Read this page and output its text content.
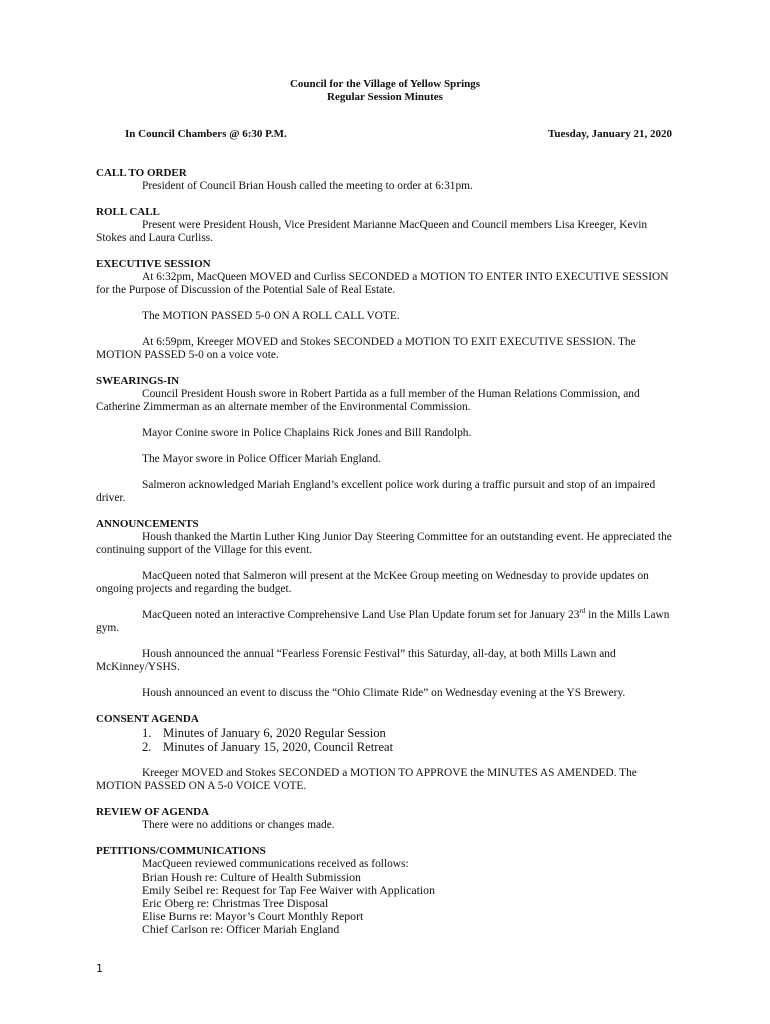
Council for the Village of Yellow Springs
Regular Session Minutes
In Council Chambers @ 6:30 P.M.	Tuesday, January 21, 2020
CALL TO ORDER

President of Council Brian Housh called the meeting to order at 6:31pm.

ROLL CALL

Present were President Housh, Vice President Marianne MacQueen and Council members Lisa Kreeger, Kevin Stokes and Laura Curliss.

EXECUTIVE SESSION

At 6:32pm, MacQueen MOVED and Curliss SECONDED a MOTION TO ENTER INTO EXECUTIVE SESSION for the Purpose of Discussion of the Potential Sale of Real Estate.

The MOTION PASSED 5-0 ON A ROLL CALL VOTE.

At 6:59pm, Kreeger MOVED and Stokes SECONDED a MOTION TO EXIT EXECUTIVE SESSION. The MOTION PASSED 5-0 on a voice vote.

SWEARINGS-IN

Council President Housh swore in Robert Partida as a full member of the Human Relations Commission, and Catherine Zimmerman as an alternate member of the Environmental Commission.

Mayor Conine swore in Police Chaplains Rick Jones and Bill Randolph.

The Mayor swore in Police Officer Mariah England.

Salmeron acknowledged Mariah England’s excellent police work during a traffic pursuit and stop of an impaired driver.

ANNOUNCEMENTS

Housh thanked the Martin Luther King Junior Day Steering Committee for an outstanding event. He appreciated the continuing support of the Village for this event.

MacQueen noted that Salmeron will present at the McKee Group meeting on Wednesday to provide updates on ongoing projects and regarding the budget.

MacQueen noted an interactive Comprehensive Land Use Plan Update forum set for January 23rd in the Mills Lawn gym.

Housh announced the annual “Fearless Forensic Festival” this Saturday, all-day, at both Mills Lawn and McKinney/YSHS.

Housh announced an event to discuss the “Ohio Climate Ride” on Wednesday evening at the YS Brewery.

CONSENT AGENDA
1. Minutes of January 6, 2020 Regular Session
2. Minutes of January 15, 2020, Council Retreat

Kreeger MOVED and Stokes SECONDED a MOTION TO APPROVE the MINUTES AS AMENDED. The MOTION PASSED ON A 5-0 VOICE VOTE.

REVIEW OF AGENDA

There were no additions or changes made.

PETITIONS/COMMUNICATIONS

MacQueen reviewed communications received as follows:

Brian Housh re: Culture of Health Submission
Emily Seibel re: Request for Tap Fee Waiver with Application
Eric Oberg re: Christmas Tree Disposal
Elise Burns re: Mayor’s Court Monthly Report
Chief Carlson re: Officer Mariah England
1
